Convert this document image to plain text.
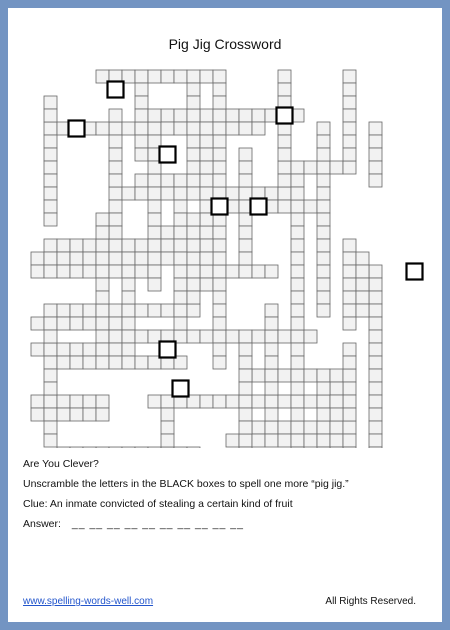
Pig Jig Crossword
Are You Clever?
Unscramble the letters in the BLACK boxes to spell one more “pig jig.”
Clue: An inmate convicted of stealing a certain kind of fruit
Answer: __ __ __ __ __ __ __ __ __ __
www.spelling-words-well.com	All Rights Reserved.
